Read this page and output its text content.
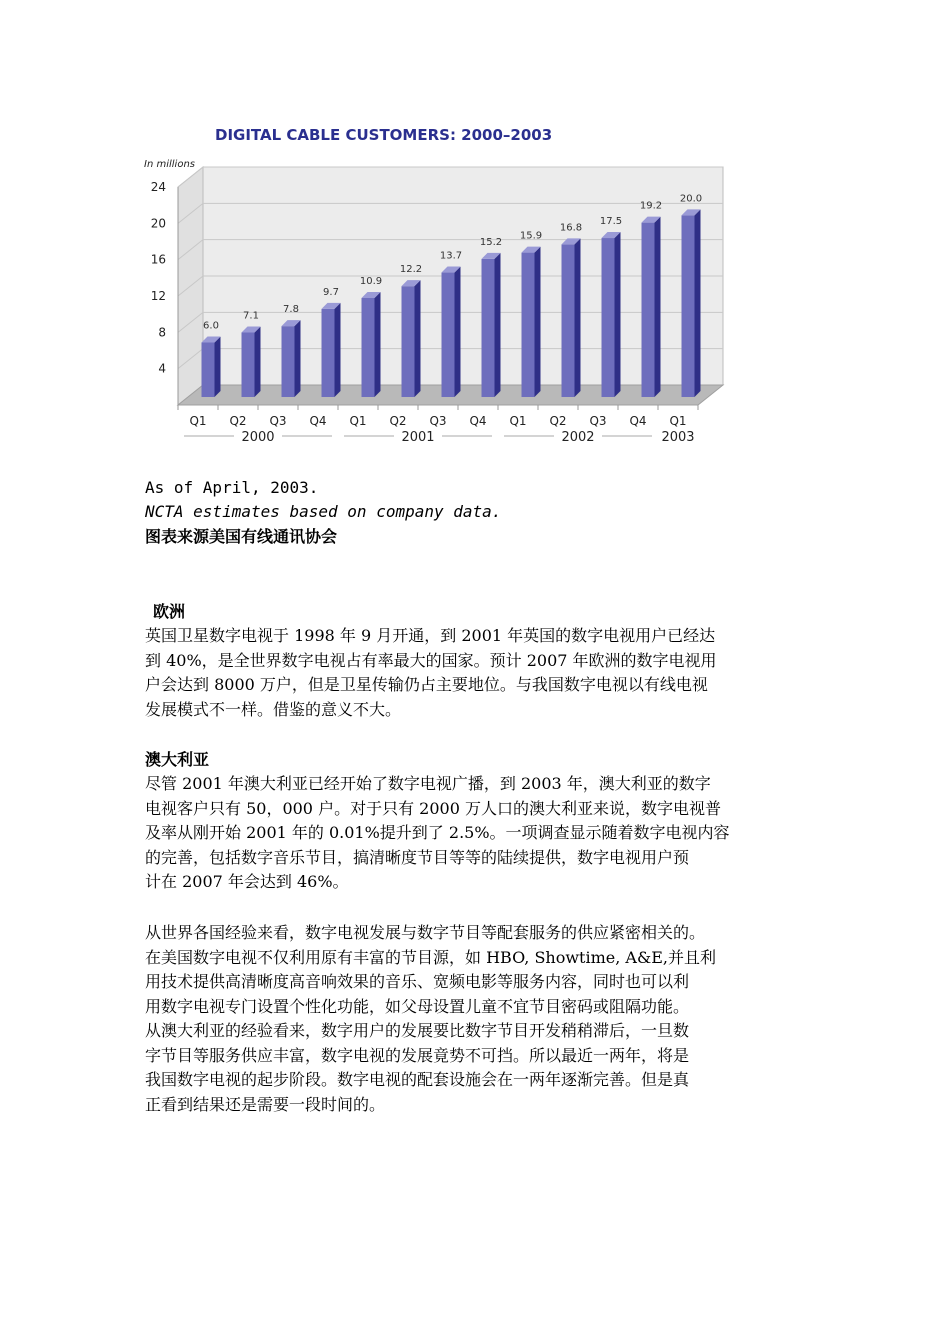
DIGITAL CABLE CUSTOMERS: 2000–2003
In millions
4
8
12
16
20
24
6.0
7.1
7.8
9.7
10.9
12.2
13.7
15.2
15.9
16.8
17.5
19.2
20.0
Q1 Q2 Q3 Q4 Q1 Q2 Q3 Q4 Q1 Q2 Q3 Q4 Q1
2000	2001	2002	2003
As of April, 2003.
NCTA estimates based on company data.
图表来源美国有线通讯协会
欧洲
英国卫星数字电视于 1998 年 9 月开通，到 2001 年英国的数字电视用户已经达
到 40%，是全世界数字电视占有率最大的国家。预计 2007 年欧洲的数字电视用
户会达到 8000 万户，但是卫星传输仍占主要地位。与我国数字电视以有线电视
发展模式不一样。借鉴的意义不大。
澳大利亚
尽管 2001 年澳大利亚已经开始了数字电视广播，到 2003 年，澳大利亚的数字
电视客户只有 50，000 户。对于只有 2000 万人口的澳大利亚来说，数字电视普
及率从刚开始 2001 年的 0.01%提升到了 2.5%。一项调查显示随着数字电视内容
的完善，包括数字音乐节目，搞清晰度节目等等的陆续提供，数字电视用户预
计在 2007 年会达到 46%。
从世界各国经验来看，数字电视发展与数字节目等配套服务的供应紧密相关的。
在美国数字电视不仅利用原有丰富的节目源，如 HBO, Showtime, A&E,并且利
用技术提供高清晰度高音响效果的音乐、宽频电影等服务内容，同时也可以利
用数字电视专门设置个性化功能，如父母设置儿童不宜节目密码或阻隔功能。
从澳大利亚的经验看来，数字用户的发展要比数字节目开发稍稍滞后，一旦数
字节目等服务供应丰富，数字电视的发展竟势不可挡。所以最近一两年，将是
我国数字电视的起步阶段。数字电视的配套设施会在一两年逐渐完善。但是真
正看到结果还是需要一段时间的。
